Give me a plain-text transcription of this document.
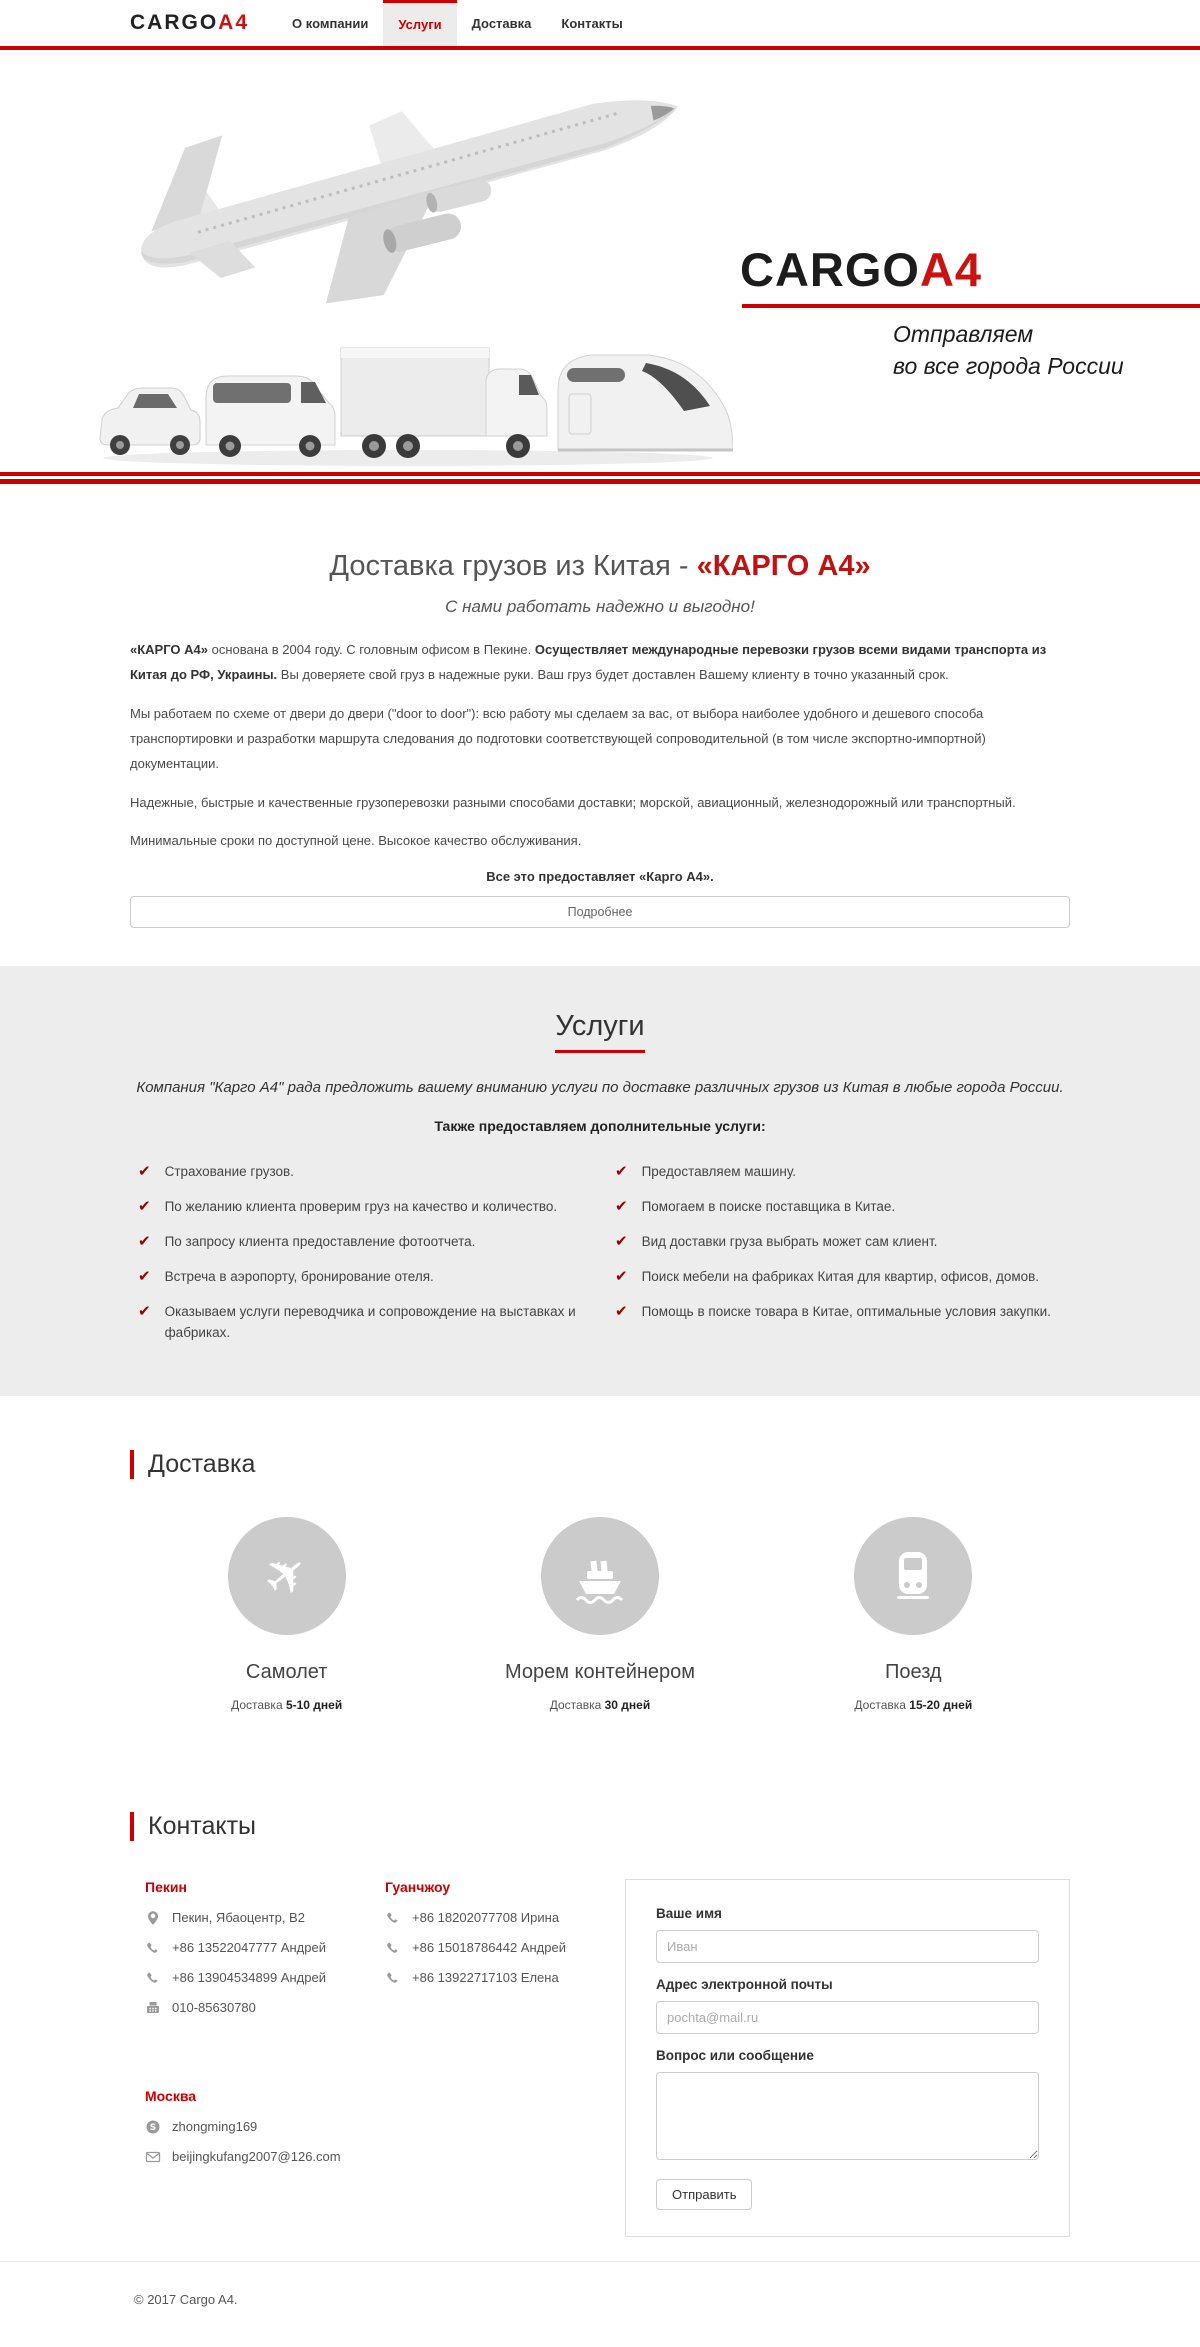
CARGOА4	О компании	Услуги	Доставка	Контакты
CARGOА4
Отправляем
во все города России
Доставка грузов из Китая - «КАРГО А4»
С нами работать надежно и выгодно!

«КАРГО А4» основана в 2004 году. С головным офисом в Пекине. Осуществляет международные перевозки грузов всеми видами транспорта из Китая до РФ, Украины. Вы доверяете свой груз в надежные руки. Ваш груз будет доставлен Вашему клиенту в точно указанный срок.

Мы работаем по схеме от двери до двери ("door to door"): всю работу мы сделаем за вас, от выбора наиболее удобного и дешевого способа транспортировки и разработки маршрута следования до подготовки соответствующей сопроводительной (в том числе экспортно-импортной) документации.

Надежные, быстрые и качественные грузоперевозки разными способами доставки; морской, авиационный, железнодорожный или транспортный.

Минимальные сроки по доступной цене. Высокое качество обслуживания.

Все это предоставляет «Карго А4».
Подробнее
Услуги
Компания "Карго А4" рада предложить вашему вниманию услуги по доставке различных грузов из Китая в любые города России.
Также предоставляем дополнительные услуги:
✔ Страхование грузов.
✔ По желанию клиента проверим груз на качество и количество.
✔ По запросу клиента предоставление фотоотчета.
✔ Встреча в аэропорту, бронирование отеля.
✔ Оказываем услуги переводчика и сопровождение на выставках и фабриках.
✔ Предоставляем машину.
✔ Помогаем в поиске поставщика в Китае.
✔ Вид доставки груза выбрать может сам клиент.
✔ Поиск мебели на фабриках Китая для квартир, офисов, домов.
✔ Помощь в поиске товара в Китае, оптимальные условия закупки.
Доставка
✈
Самолет
Доставка 5-10 дней
Морем контейнером
Доставка 30 дней
Поезд
Доставка 15-20 дней
Контакты
Пекин
Пекин, Ябаоцентр, В2
+86 13522047777 Андрей
+86 13904534899 Андрей
010-85630780
Гуанчжоу
+86 18202077708 Ирина
+86 15018786442 Андрей
+86 13922717103 Елена
Москва
S zhongming169
beijingkufang2007@126.com
Ваше имя
Иван
Адрес электронной почты
pochta@mail.ru
Вопрос или сообщение
Отправить
© 2017 Cargo A4.
